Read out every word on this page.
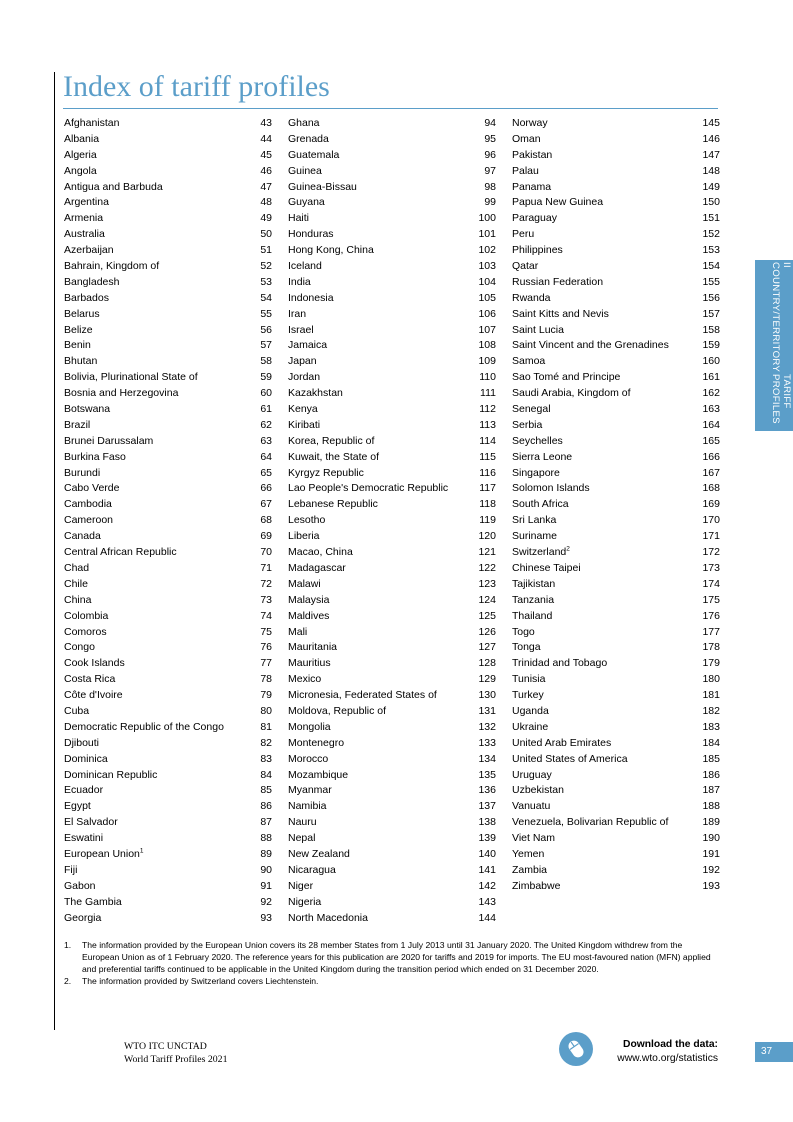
Index of tariff profiles
Afghanistan	43
Albania	44
Algeria	45
Angola	46
Antigua and Barbuda	47
Argentina	48
Armenia	49
Australia	50
Azerbaijan	51
Bahrain, Kingdom of	52
Bangladesh	53
Barbados	54
Belarus	55
Belize	56
Benin	57
Bhutan	58
Bolivia, Plurinational State of	59
Bosnia and Herzegovina	60
Botswana	61
Brazil	62
Brunei Darussalam	63
Burkina Faso	64
Burundi	65
Cabo Verde	66
Cambodia	67
Cameroon	68
Canada	69
Central African Republic	70
Chad	71
Chile	72
China	73
Colombia	74
Comoros	75
Congo	76
Cook Islands	77
Costa Rica	78
Côte d'Ivoire	79
Cuba	80
Democratic Republic of the Congo	81
Djibouti	82
Dominica	83
Dominican Republic	84
Ecuador	85
Egypt	86
El Salvador	87
Eswatini	88
European Union$^1$	89
Fiji	90
Gabon	91
The Gambia	92
Georgia	93
Ghana	94
Grenada	95
Guatemala	96
Guinea	97
Guinea-Bissau	98
Guyana	99
Haiti	100
Honduras	101
Hong Kong, China	102
Iceland	103
India	104
Indonesia	105
Iran	106
Israel	107
Jamaica	108
Japan	109
Jordan	110
Kazakhstan	111
Kenya	112
Kiribati	113
Korea, Republic of	114
Kuwait, the State of	115
Kyrgyz Republic	116
Lao People's Democratic Republic	117
Lebanese Republic	118
Lesotho	119
Liberia	120
Macao, China	121
Madagascar	122
Malawi	123
Malaysia	124
Maldives	125
Mali	126
Mauritania	127
Mauritius	128
Mexico	129
Micronesia, Federated States of	130
Moldova, Republic of	131
Mongolia	132
Montenegro	133
Morocco	134
Mozambique	135
Myanmar	136
Namibia	137
Nauru	138
Nepal	139
New Zealand	140
Nicaragua	141
Niger	142
Nigeria	143
North Macedonia	144
Norway	145
Oman	146
Pakistan	147
Palau	148
Panama	149
Papua New Guinea	150
Paraguay	151
Peru	152
Philippines	153
Qatar	154
Russian Federation	155
Rwanda	156
Saint Kitts and Nevis	157
Saint Lucia	158
Saint Vincent and the Grenadines	159
Samoa	160
Sao Tomé and Principe	161
Saudi Arabia, Kingdom of	162
Senegal	163
Serbia	164
Seychelles	165
Sierra Leone	166
Singapore	167
Solomon Islands	168
South Africa	169
Sri Lanka	170
Suriname	171
Switzerland$^2$	172
Chinese Taipei	173
Tajikistan	174
Tanzania	175
Thailand	176
Togo	177
Tonga	178
Trinidad and Tobago	179
Tunisia	180
Turkey	181
Uganda	182
Ukraine	183
United Arab Emirates	184
United States of America	185
Uruguay	186
Uzbekistan	187
Vanuatu	188
Venezuela, Bolivarian Republic of	189
Viet Nam	190
Yemen	191
Zambia	192
Zimbabwe	193
1.	The information provided by the European Union covers its 28 member States from 1 July 2013 until 31 January 2020. The United Kingdom withdrew from the European Union as of 1 February 2020. The reference years for this publication are 2020 for tariffs and 2019 for imports. The EU most-favoured nation (MFN) applied and preferential tariffs continued to be applicable in the United Kingdom during the transition period which ended on 31 December 2020.
2.	The information provided by Switzerland covers Liechtenstein.
II COUNTRY/TERRITORY
TARIFF PROFILES
WTO ITC UNCTAD
World Tariff Profiles 2021
Download the data:
www.wto.org/statistics
37
